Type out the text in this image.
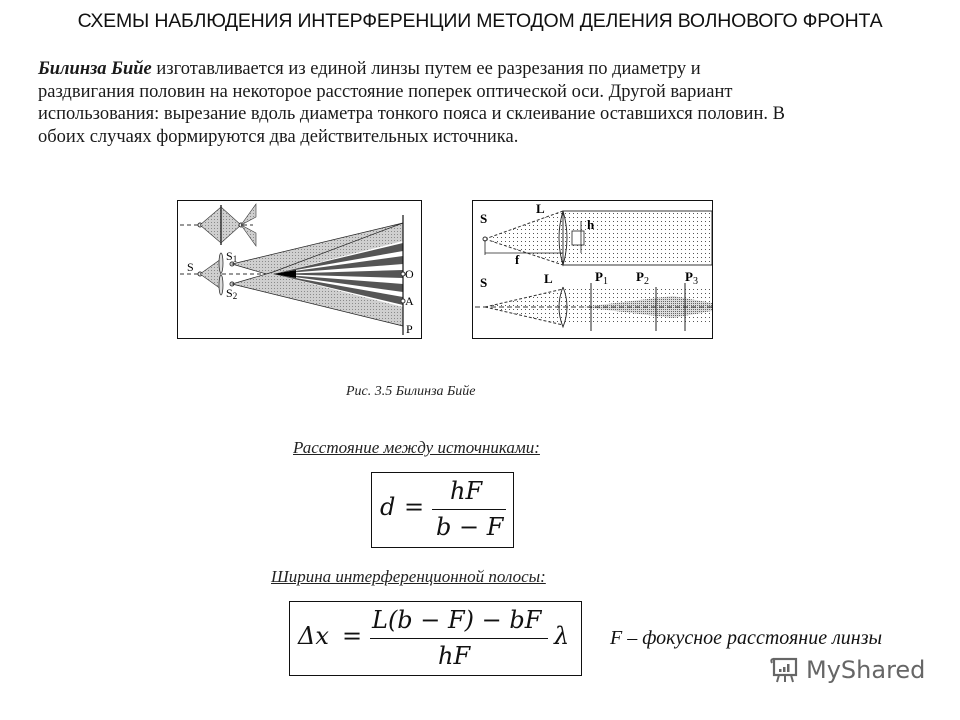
СХЕМЫ НАБЛЮДЕНИЯ ИНТЕРФЕРЕНЦИИ МЕТОДОМ ДЕЛЕНИЯ ВОЛНОВОГО ФРОНТА
Билинза Бийе изготавливается из единой линзы путем ее разрезания по диаметру и раздвигания половин на некоторое расстояние поперек оптической оси. Другой вариант использования: вырезание вдоль диаметра тонкого пояса и склеивание оставшихся половин. В обоих случаях формируются два действительных источника.
S
S1
S2
O
A
P
S
L
h
f
S	L	$P_1$ $P_2$	$P_3$
Рис. 3.5 Билинза Бийе
Расстояние между источниками:
d =
hF
b − F
Ширина интерференционной полосы:
Δx =
L(b − F) − bF
hF
λ F – фокусное расстояние линзы
MyShared
